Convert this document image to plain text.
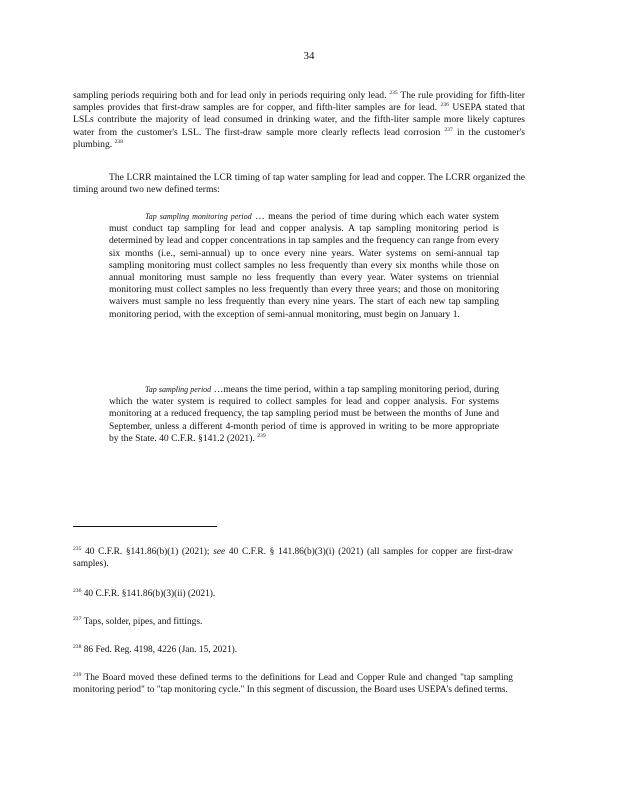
34
sampling periods requiring both and for lead only in periods requiring only lead. $^{235}$ The rule providing for fifth-liter samples provides that first-draw samples are for copper, and fifth-liter samples are for lead. $^{236}$ USEPA stated that LSLs contribute the majority of lead consumed in drinking water, and the fifth-liter sample more likely captures water from the customer's LSL. The first-draw sample more clearly reflects lead corrosion $^{237}$ in the customer's plumbing. $^{238}$
The LCRR maintained the LCR timing of tap water sampling for lead and copper. The LCRR organized the timing around two new defined terms:
Tap sampling monitoring period … means the period of time during which each water system must conduct tap sampling for lead and copper analysis. A tap sampling monitoring period is determined by lead and copper concentrations in tap samples and the frequency can range from every six months (i.e., semi-annual) up to once every nine years. Water systems on semi-annual tap sampling monitoring must collect samples no less frequently than every six months while those on annual monitoring must sample no less frequently than every year. Water systems on triennial monitoring must collect samples no less frequently than every three years; and those on monitoring waivers must sample no less frequently than every nine years. The start of each new tap sampling monitoring period, with the exception of semi-annual monitoring, must begin on January 1.
Tap sampling period …means the time period, within a tap sampling monitoring period, during which the water system is required to collect samples for lead and copper analysis. For systems monitoring at a reduced frequency, the tap sampling period must be between the months of June and September, unless a different 4-month period of time is approved in writing to be more appropriate by the State. 40 C.F.R. §141.2 (2021). $^{239}$
$^{235}$ 40 C.F.R. §141.86(b)(1) (2021); see 40 C.F.R. § 141.86(b)(3)(i) (2021) (all samples for copper are first-draw samples).
$^{236}$ 40 C.F.R. §141.86(b)(3)(ii) (2021).
$^{237}$ Taps, solder, pipes, and fittings.
$^{238}$ 86 Fed. Reg. 4198, 4226 (Jan. 15, 2021).
$^{239}$ The Board moved these defined terms to the definitions for Lead and Copper Rule and changed "tap sampling monitoring period" to "tap monitoring cycle." In this segment of discussion, the Board uses USEPA's defined terms.
